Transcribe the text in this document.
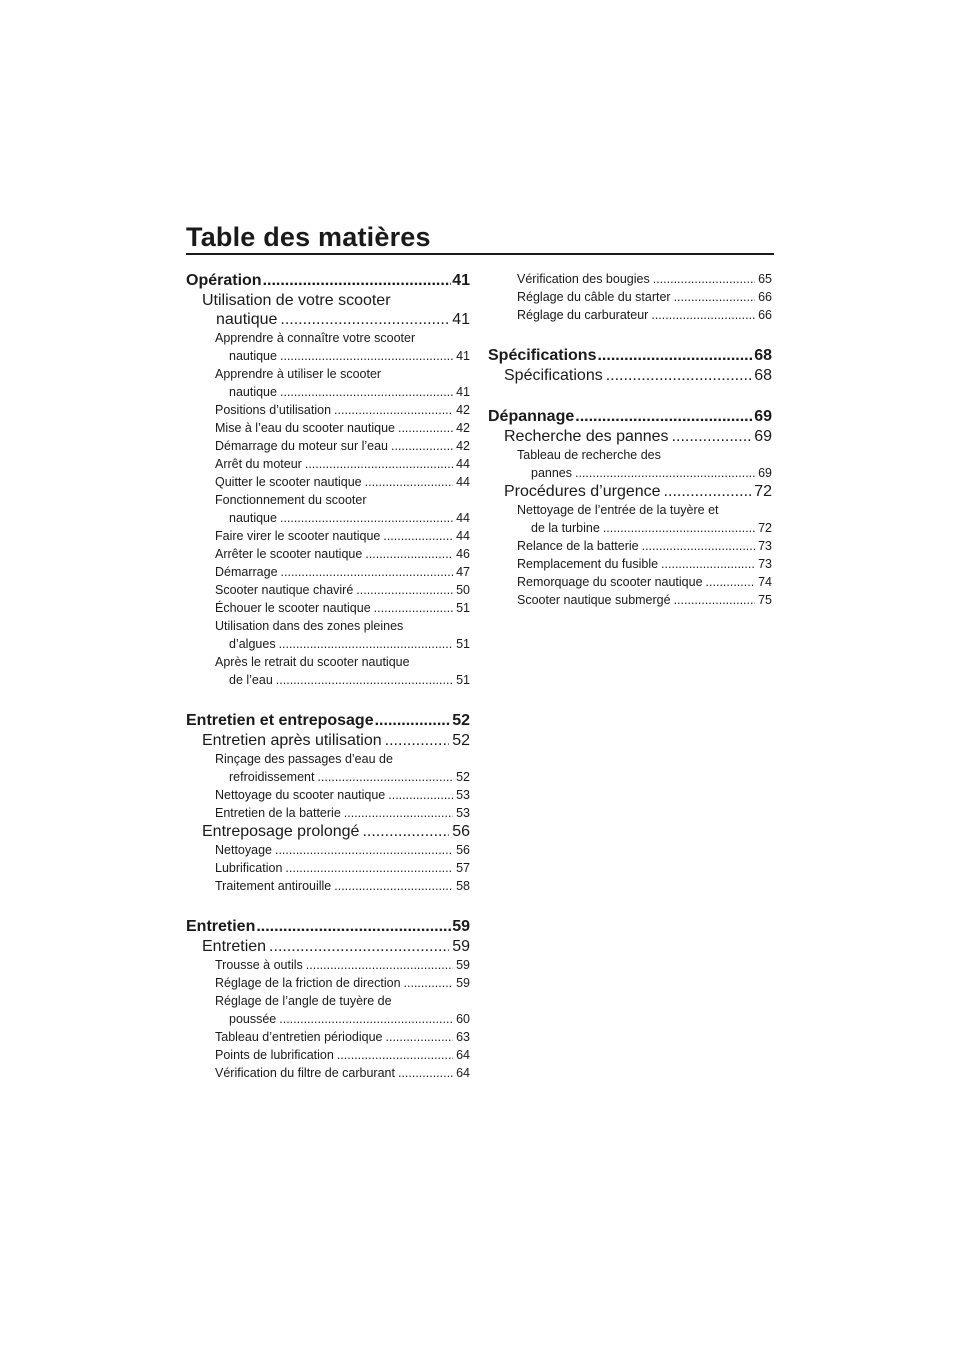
Table des matières
Opération .....	41
Utilisation de votre scooter
nautique .....	41
Apprendre à connaître votre scooter
nautique .....	41
Apprendre à utiliser le scooter
nautique .....	41
Positions d’utilisation .....	42
Mise à l’eau du scooter nautique .....	42
Démarrage du moteur sur l’eau .....	42
Arrêt du moteur .....	44
Quitter le scooter nautique .....	44
Fonctionnement du scooter
nautique .....	44
Faire virer le scooter nautique .....	44
Arrêter le scooter nautique .....	46
Démarrage .....	47
Scooter nautique chaviré .....	50
Échouer le scooter nautique .....	51
Utilisation dans des zones pleines
d’algues .....	51
Après le retrait du scooter nautique
de l’eau .....	51
Entretien et entreposage .....	52
Entretien après utilisation .....	52
Rinçage des passages d’eau de
refroidissement .....	52
Nettoyage du scooter nautique .....	53
Entretien de la batterie .....	53
Entreposage prolongé .....	56
Nettoyage .....	56
Lubrification .....	57
Traitement antirouille .....	58
Entretien .....	59
Entretien .....	59
Trousse à outils .....	59
Réglage de la friction de direction .....	59
Réglage de l’angle de tuyère de
poussée .....	60
Tableau d’entretien périodique .....	63
Points de lubrification .....	64
Vérification du filtre de carburant .....	64
Vérification des bougies .....	65
Réglage du câble du starter .....	66
Réglage du carburateur .....	66
Spécifications .....	68
Spécifications .....	68
Dépannage .....	69
Recherche des pannes .....	69
Tableau de recherche des
pannes .....	69
Procédures d’urgence .....	72
Nettoyage de l’entrée de la tuyère et
de la turbine .....	72
Relance de la batterie .....	73
Remplacement du fusible .....	73
Remorquage du scooter nautique .....	74
Scooter nautique submergé .....	75
